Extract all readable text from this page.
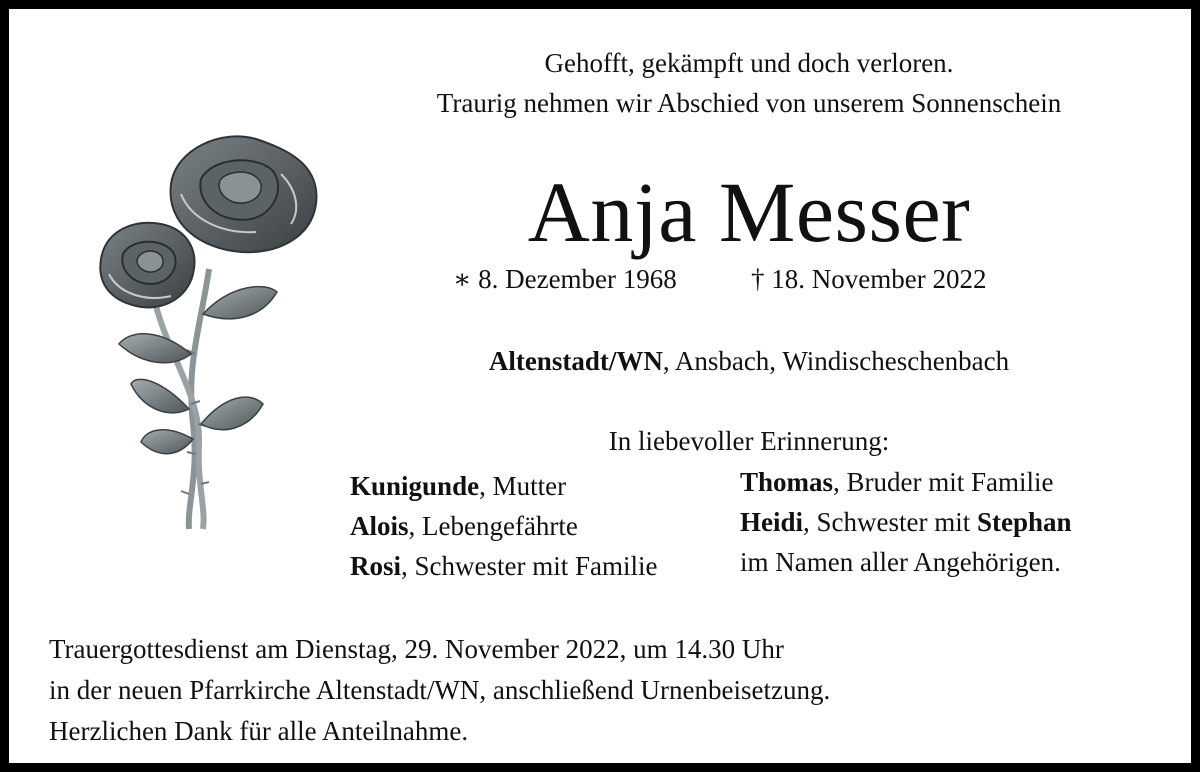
Gehofft, gekämpft und doch verloren.
Traurig nehmen wir Abschied von unserem Sonnenschein
Anja Messer
∗ 8. Dezember 1968	† 18. November 2022
Altenstadt/WN, Ansbach, Windischeschenbach
In liebevoller Erinnerung:
Kunigunde, Mutter
Alois, Lebengefährte
Rosi, Schwester mit Familie
Thomas, Bruder mit Familie
Heidi, Schwester mit Stephan
im Namen aller Angehörigen.
Trauergottesdienst am Dienstag, 29. November 2022, um 14.30 Uhr
in der neuen Pfarrkirche Altenstadt/WN, anschließend Urnenbeisetzung.
Herzlichen Dank für alle Anteilnahme.
